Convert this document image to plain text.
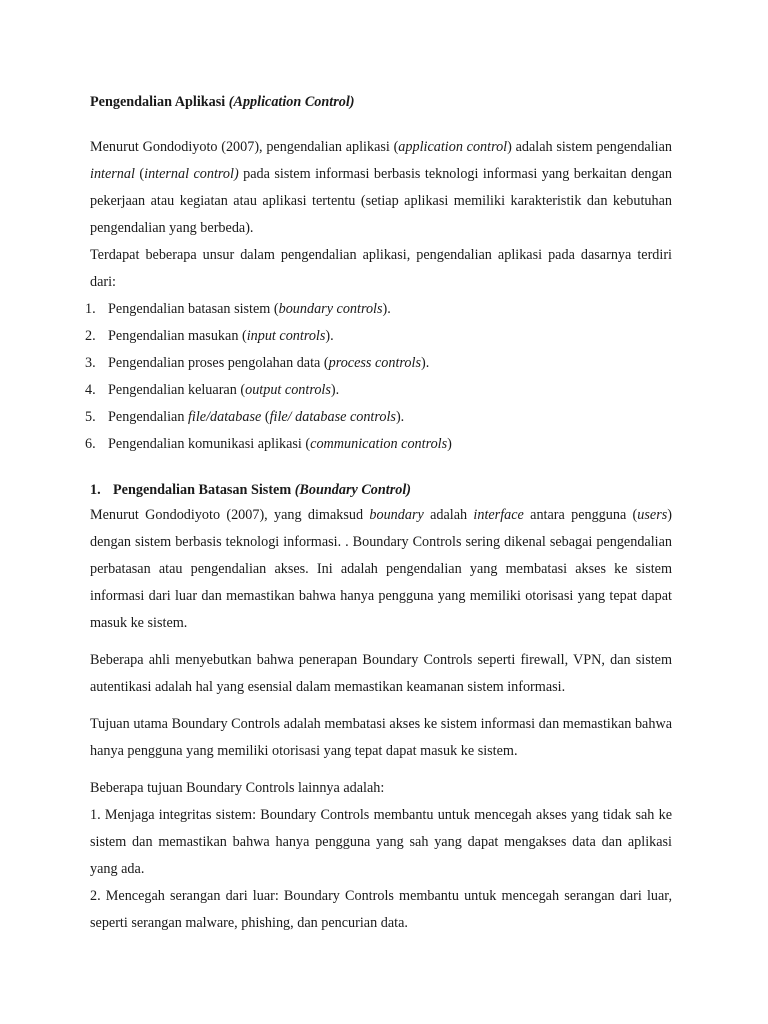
Pengendalian Aplikasi (Application Control)

Menurut Gondodiyoto (2007), pengendalian aplikasi (application control) adalah sistem pengendalian internal (internal control) pada sistem informasi berbasis teknologi informasi yang berkaitan dengan pekerjaan atau kegiatan atau aplikasi tertentu (setiap aplikasi memiliki karakteristik dan kebutuhan pengendalian yang berbeda).

Terdapat beberapa unsur dalam pengendalian aplikasi, pengendalian aplikasi pada dasarnya terdiri dari:

1. Pengendalian batasan sistem (boundary controls).
2. Pengendalian masukan (input controls).
3. Pengendalian proses pengolahan data (process controls).
4. Pengendalian keluaran (output controls).
5. Pengendalian file/database (file/ database controls).
6. Pengendalian komunikasi aplikasi (communication controls)

1. Pengendalian Batasan Sistem (Boundary Control)

Menurut Gondodiyoto (2007), yang dimaksud boundary adalah interface antara pengguna (users) dengan sistem berbasis teknologi informasi. . Boundary Controls sering dikenal sebagai pengendalian perbatasan atau pengendalian akses. Ini adalah pengendalian yang membatasi akses ke sistem informasi dari luar dan memastikan bahwa hanya pengguna yang memiliki otorisasi yang tepat dapat masuk ke sistem.

Beberapa ahli menyebutkan bahwa penerapan Boundary Controls seperti firewall, VPN, dan sistem autentikasi adalah hal yang esensial dalam memastikan keamanan sistem informasi.

Tujuan utama Boundary Controls adalah membatasi akses ke sistem informasi dan memastikan bahwa hanya pengguna yang memiliki otorisasi yang tepat dapat masuk ke sistem.

Beberapa tujuan Boundary Controls lainnya adalah:

1. Menjaga integritas sistem: Boundary Controls membantu untuk mencegah akses yang tidak sah ke sistem dan memastikan bahwa hanya pengguna yang sah yang dapat mengakses data dan aplikasi yang ada.

2. Mencegah serangan dari luar: Boundary Controls membantu untuk mencegah serangan dari luar, seperti serangan malware, phishing, dan pencurian data.
